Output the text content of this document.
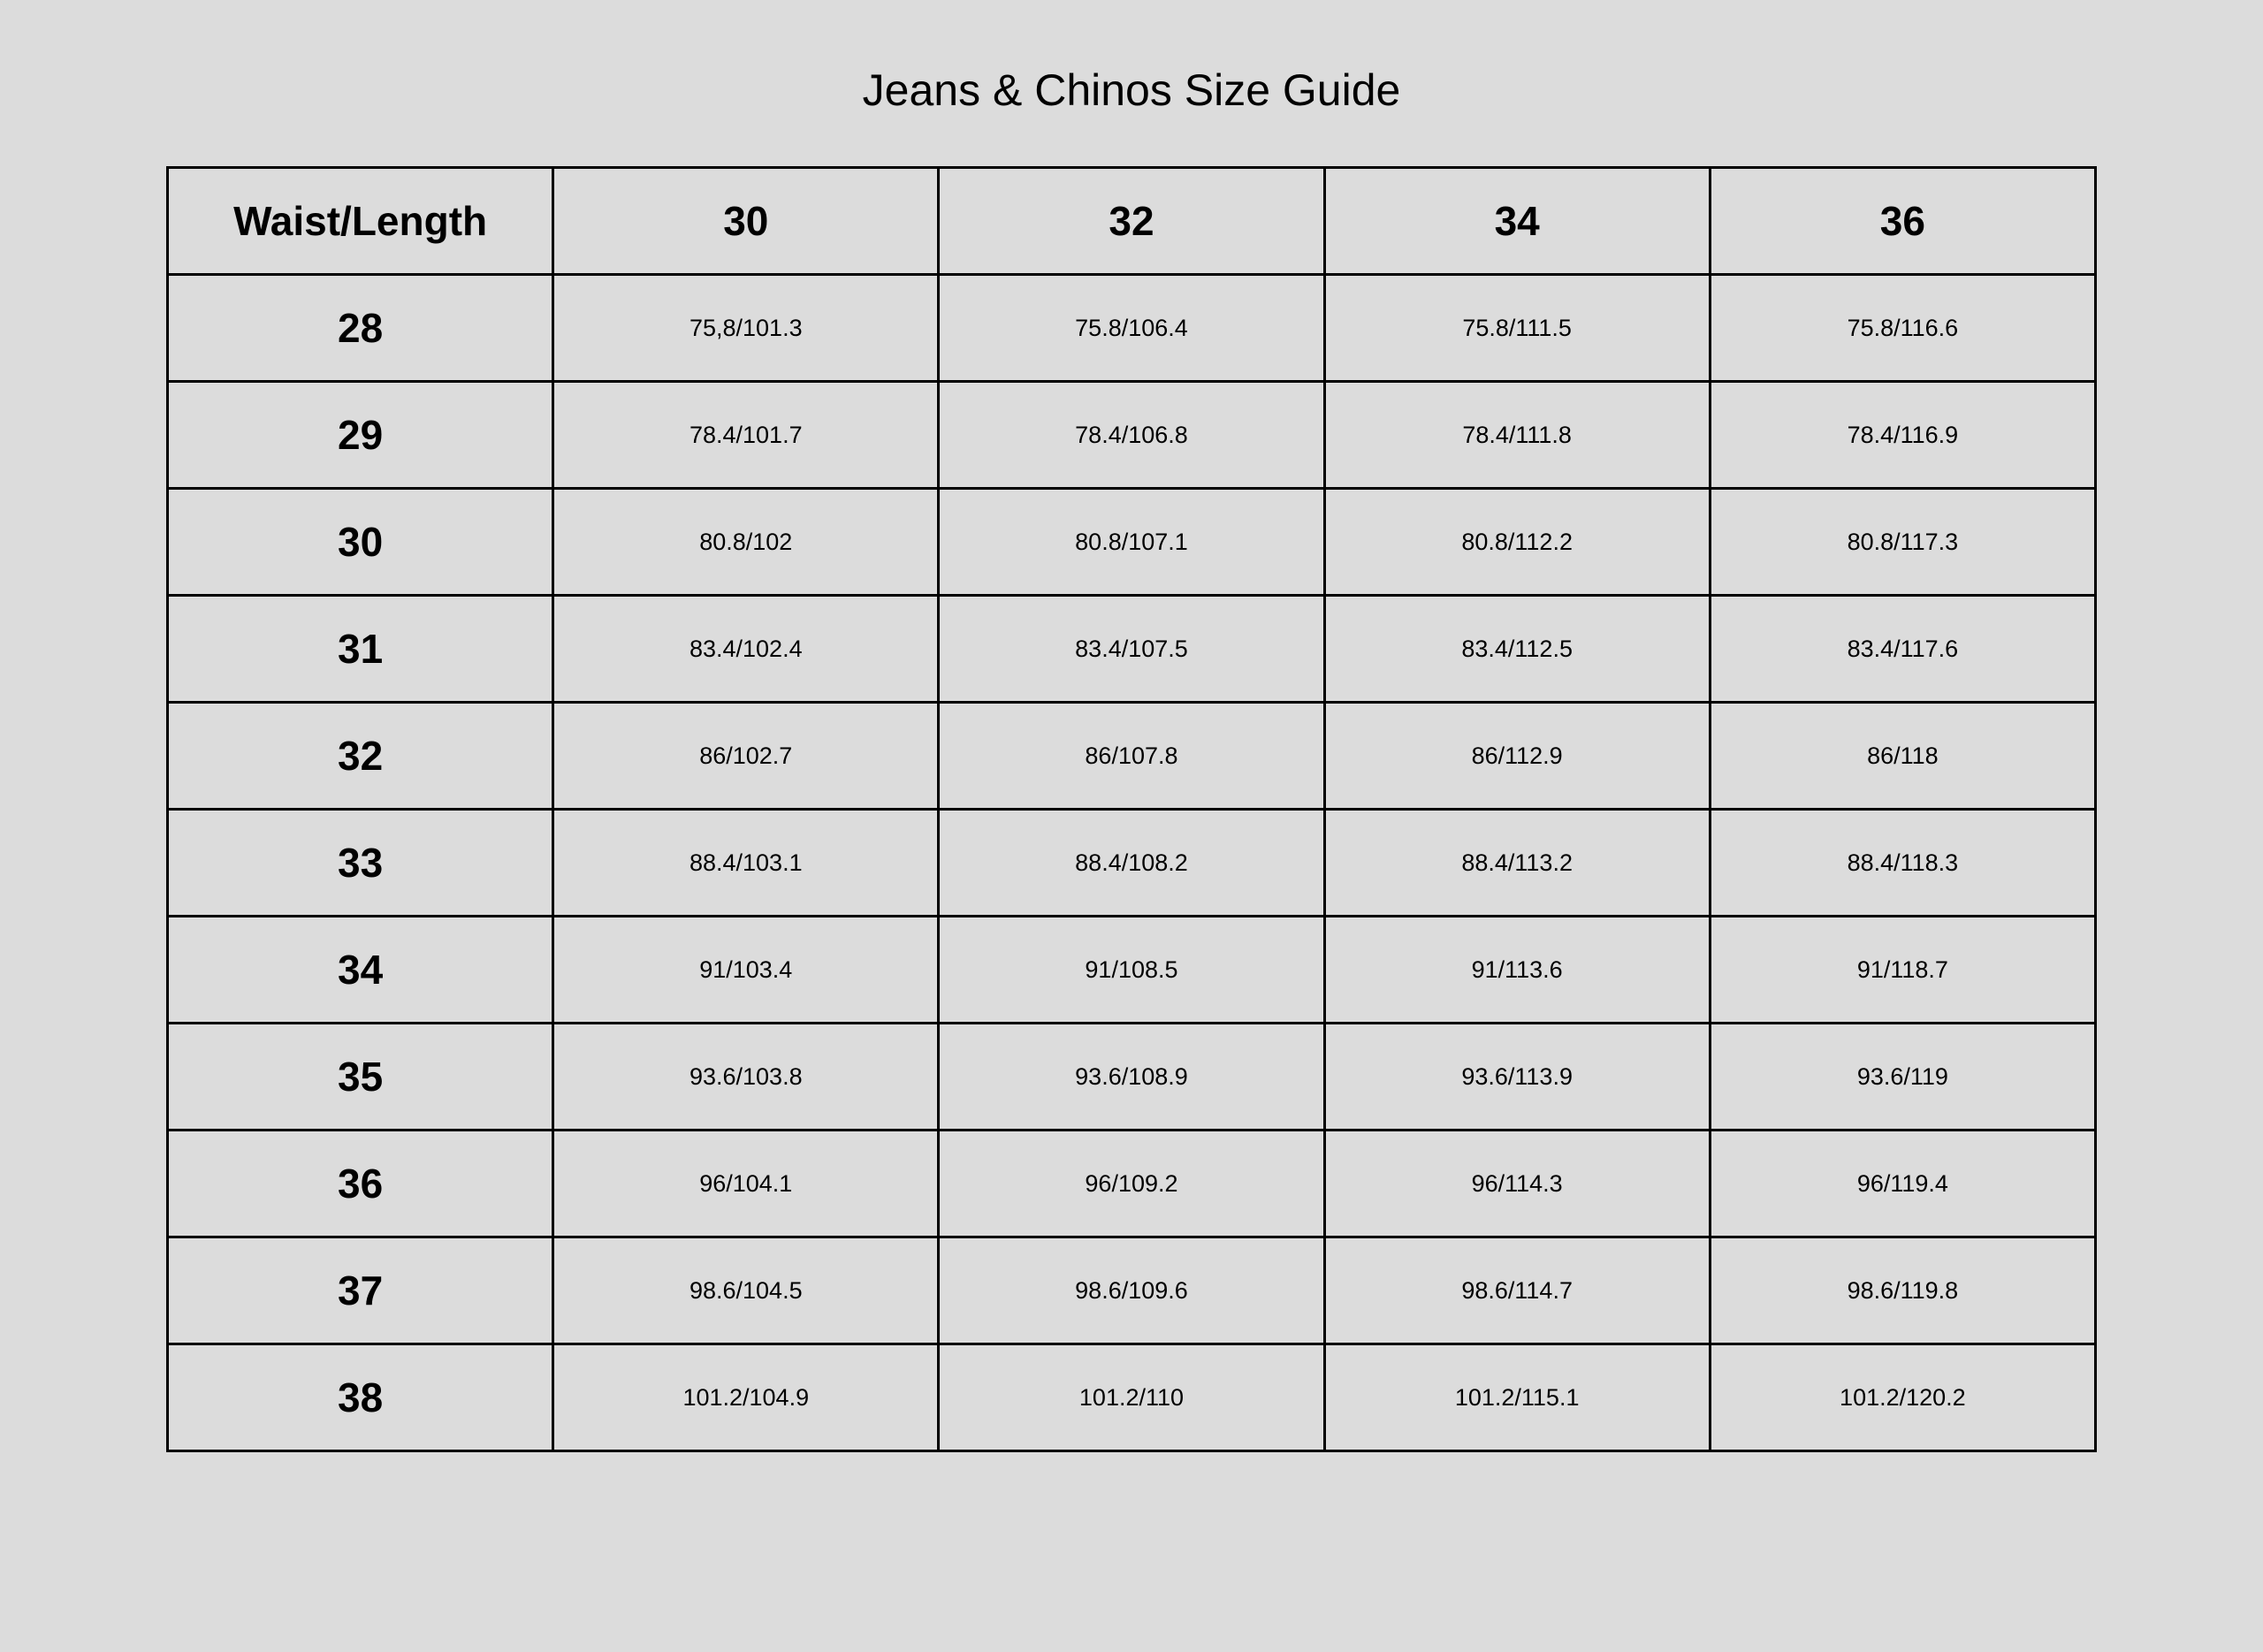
Jeans & Chinos Size Guide
Waist/Length	30	32	34	36
28	75,8/101.3	75.8/106.4	75.8/111.5	75.8/116.6
29	78.4/101.7	78.4/106.8	78.4/111.8	78.4/116.9
30	80.8/102	80.8/107.1	80.8/112.2	80.8/117.3
31	83.4/102.4	83.4/107.5	83.4/112.5	83.4/117.6
32	86/102.7	86/107.8	86/112.9	86/118
33	88.4/103.1	88.4/108.2	88.4/113.2	88.4/118.3
34	91/103.4	91/108.5	91/113.6	91/118.7
35	93.6/103.8	93.6/108.9	93.6/113.9	93.6/119
36	96/104.1	96/109.2	96/114.3	96/119.4
37	98.6/104.5	98.6/109.6	98.6/114.7	98.6/119.8
38	101.2/104.9	101.2/110	101.2/115.1	101.2/120.2
